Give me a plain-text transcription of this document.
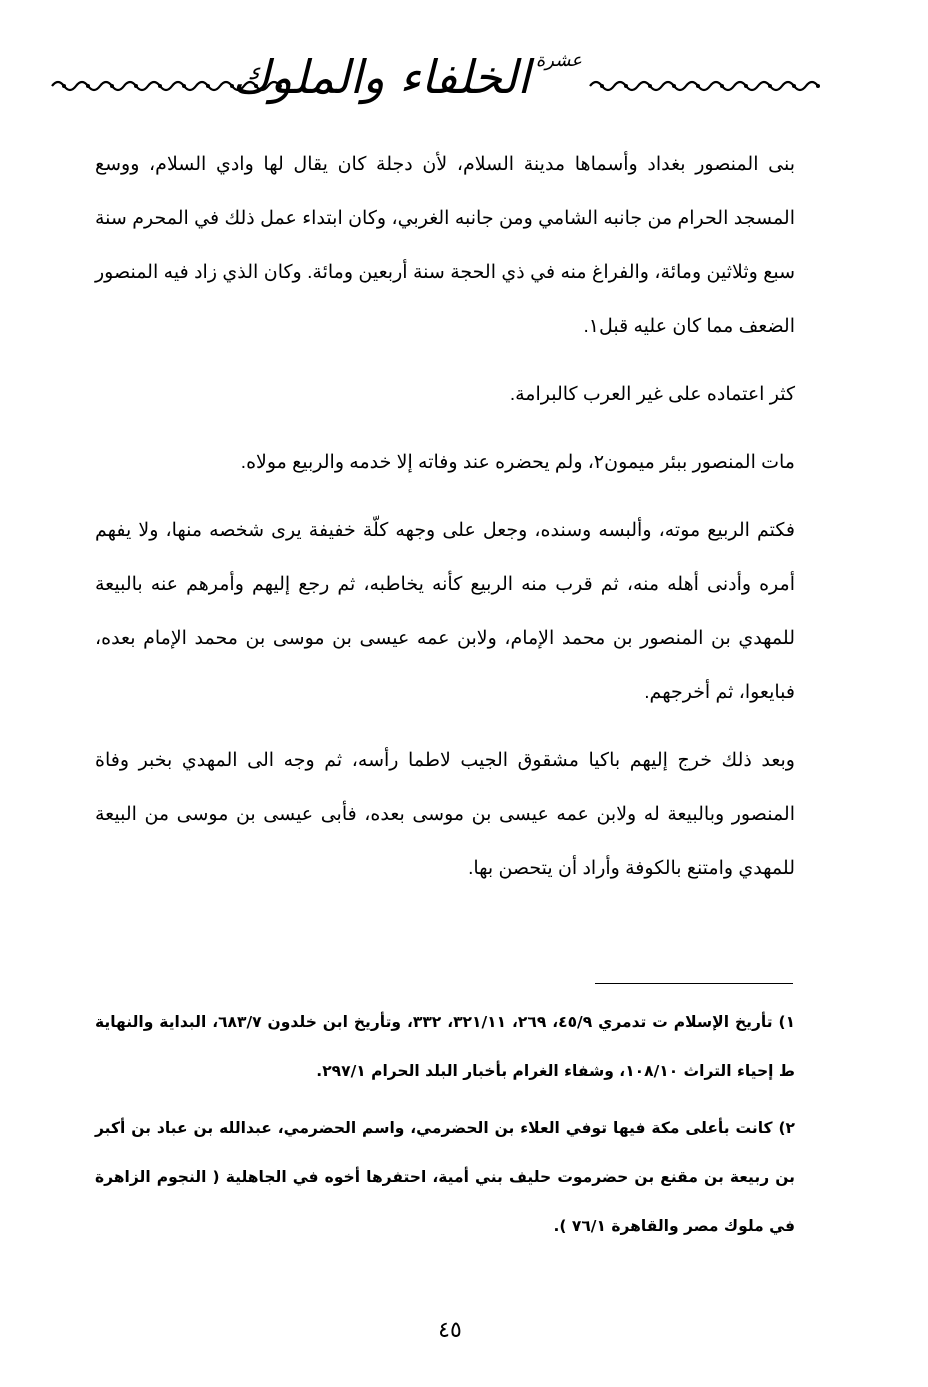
عشرة
الخلفاء والملوك

بنى المنصور بغداد وأسماها مدينة السلام، لأن دجلة كان يقال لها وادي السلام، ووسع المسجد الحرام من جانبه الشامي ومن جانبه الغربي، وكان ابتداء عمل ذلك في المحرم سنة سبع وثلاثين ومائة، والفراغ منه في ذي الحجة سنة أربعين ومائة. وكان الذي زاد فيه المنصور الضعف مما كان عليه قبل١.

كثر اعتماده على غير العرب كالبرامة.

مات المنصور ببئر ميمون٢، ولم يحضره عند وفاته إلا خدمه والربيع مولاه.

فكتم الربيع موته، وألبسه وسنده، وجعل على وجهه كلّة خفيفة يرى شخصه منها، ولا يفهم أمره وأدنى أهله منه، ثم قرب منه الربيع كأنه يخاطبه، ثم رجع إليهم وأمرهم عنه بالبيعة للمهدي بن المنصور بن محمد الإمام، ولابن عمه عيسى بن موسى بن محمد الإمام بعده، فبايعوا، ثم أخرجهم.

وبعد ذلك خرج إليهم باكيا مشقوق الجيب لاطما رأسه، ثم وجه الى المهدي بخبر وفاة المنصور وبالبيعة له ولابن عمه عيسى بن موسى بعده، فأبى عيسى بن موسى من البيعة للمهدي وامتنع بالكوفة وأراد أن يتحصن بها.

١) تأريخ الإسلام ت تدمري ٤٥/٩، ٢٦٩، ٣٢١/١١، ٣٣٢، وتأريخ ابن خلدون ٦٨٣/٧، البداية والنهاية ط إحياء التراث ١٠٨/١٠، وشفاء الغرام بأخبار البلد الحرام ٢٩٧/١.

٢) كانت بأعلى مكة فيها توفي العلاء بن الحضرمي، واسم الحضرمي، عبدالله بن عباد بن أكبر بن ربيعة بن مقنع بن حضرموت حليف بني أمية، احتفرها أخوه في الجاهلية ( النجوم الزاهرة في ملوك مصر والقاهرة ٧٦/١ ).

٤٥
